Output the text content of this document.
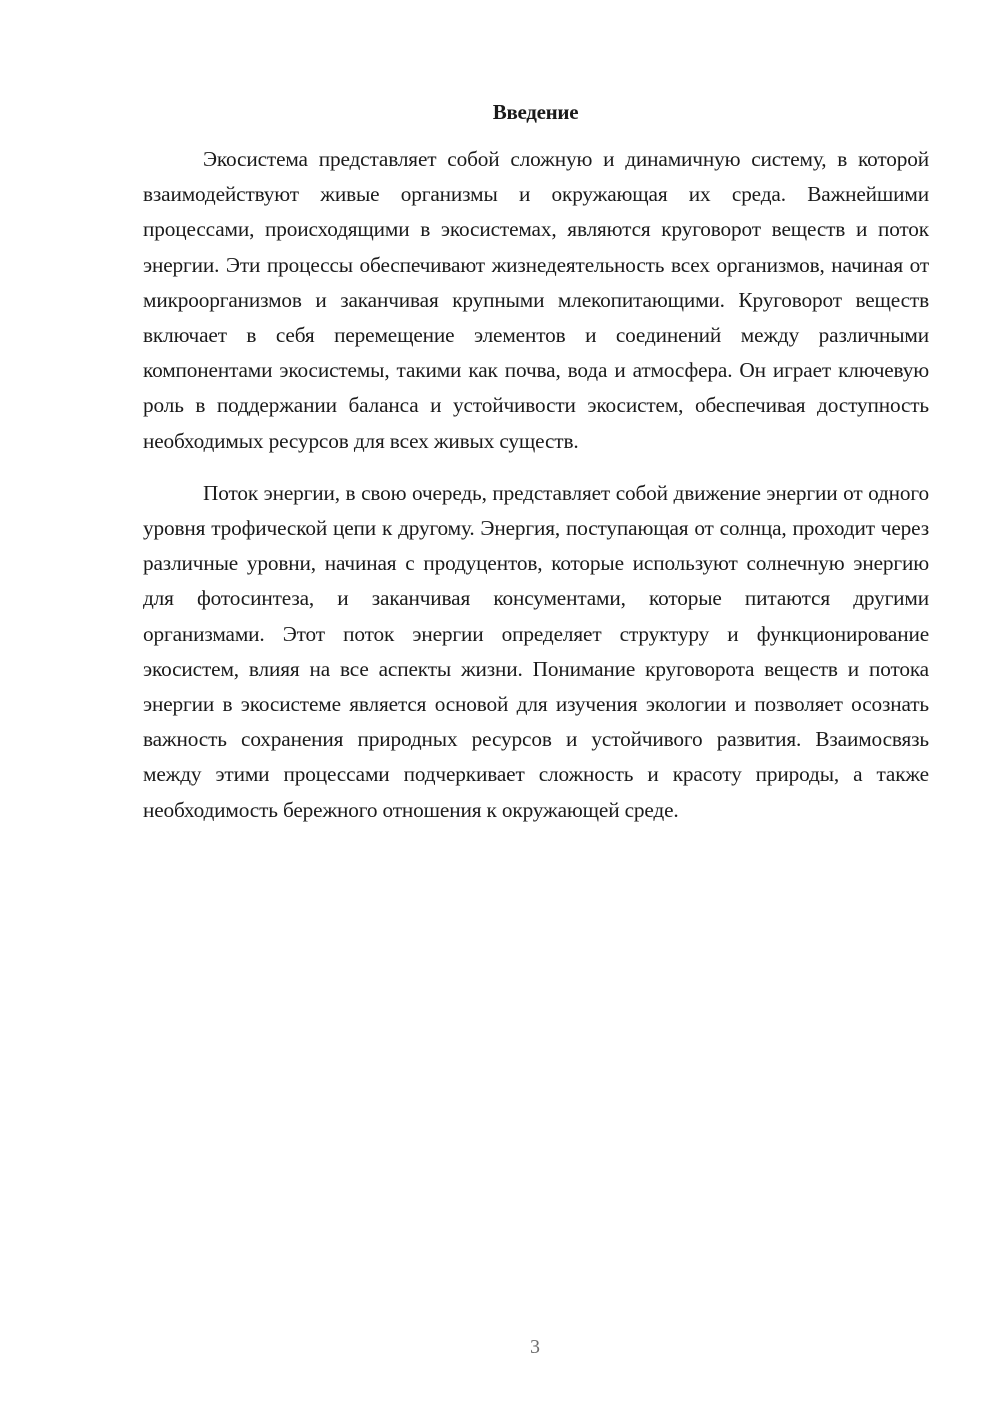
Введение

Экосистема представляет собой сложную и динамичную систему, в которой взаимодействуют живые организмы и окружающая их среда. Важнейшими процессами, происходящими в экосистемах, являются круговорот веществ и поток энергии. Эти процессы обеспечивают жизнедеятельность всех организмов, начиная от микроорганизмов и заканчивая крупными млекопитающими. Круговорот веществ включает в себя перемещение элементов и соединений между различными компонентами экосистемы, такими как почва, вода и атмосфера. Он играет ключевую роль в поддержании баланса и устойчивости экосистем, обеспечивая доступность необходимых ресурсов для всех живых существ.

Поток энергии, в свою очередь, представляет собой движение энергии от одного уровня трофической цепи к другому. Энергия, поступающая от солнца, проходит через различные уровни, начиная с продуцентов, которые используют солнечную энергию для фотосинтеза, и заканчивая консументами, которые питаются другими организмами. Этот поток энергии определяет структуру и функционирование экосистем, влияя на все аспекты жизни. Понимание круговорота веществ и потока энергии в экосистеме является основой для изучения экологии и позволяет осознать важность сохранения природных ресурсов и устойчивого развития. Взаимосвязь между этими процессами подчеркивает сложность и красоту природы, а также необходимость бережного отношения к окружающей среде.

3
